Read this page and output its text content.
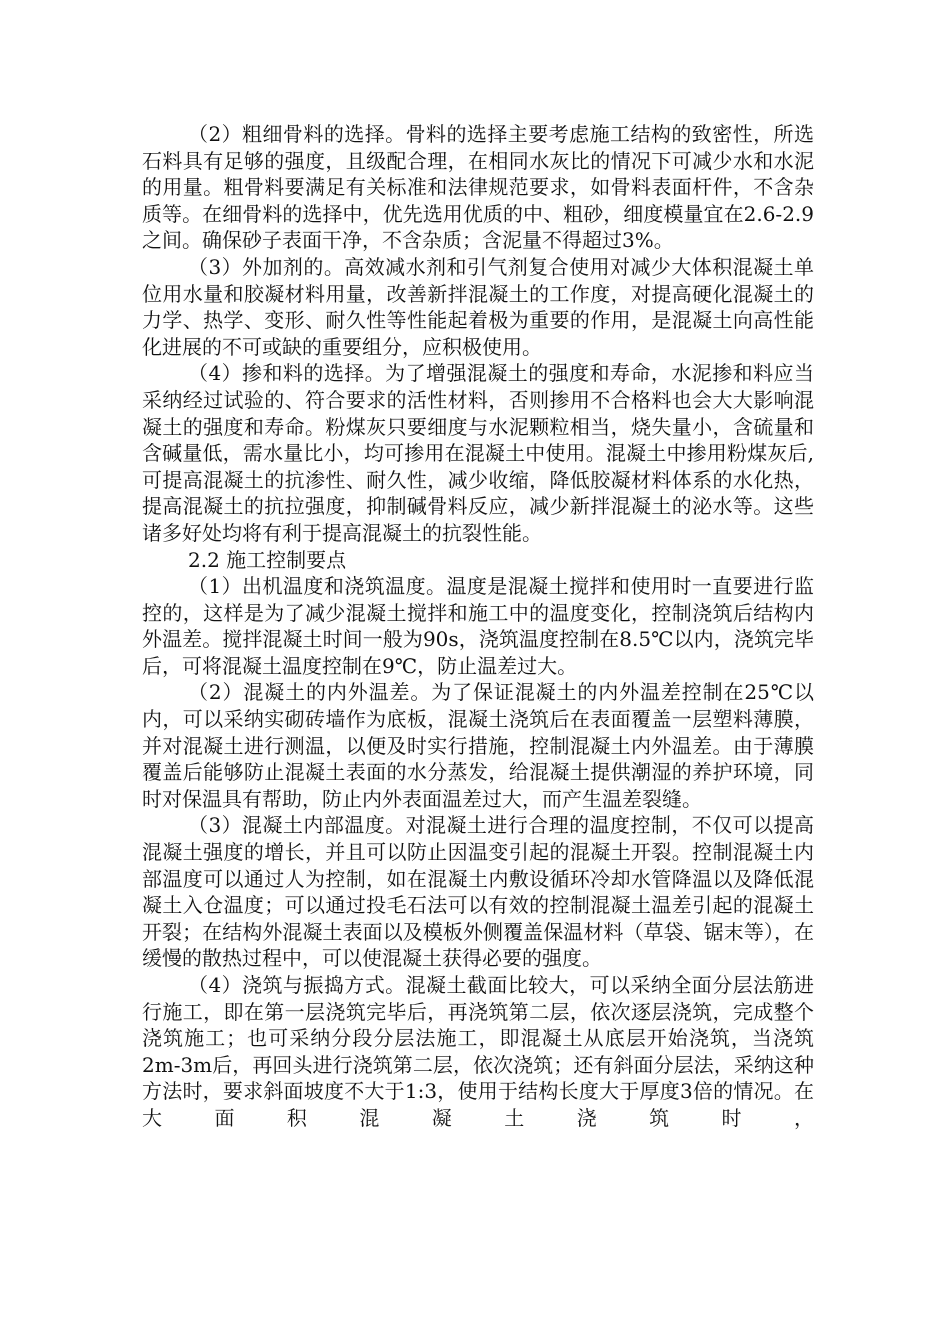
（2）粗细骨料的选择。骨料的选择主要考虑施工结构的致密性，所选石料具有足够的强度，且级配合理，在相同水灰比的情况下可减少水和水泥的用量。粗骨料要满足有关标准和法律规范要求，如骨料表面杆件，不含杂质等。在细骨料的选择中，优先选用优质的中、粗砂，细度模量宜在2.6-2.9之间。确保砂子表面干净，不含杂质；含泥量不得超过3%。

（3）外加剂的。高效减水剂和引气剂复合使用对减少大体积混凝土单位用水量和胶凝材料用量，改善新拌混凝土的工作度，对提高硬化混凝土的力学、热学、变形、耐久性等性能起着极为重要的作用，是混凝土向高性能化进展的不可或缺的重要组分，应积极使用。

（4）掺和料的选择。为了增强混凝土的强度和寿命，水泥掺和料应当采纳经过试验的、符合要求的活性材料，否则掺用不合格料也会大大影响混凝土的强度和寿命。粉煤灰只要细度与水泥颗粒相当，烧失量小，含硫量和含碱量低，需水量比小，均可掺用在混凝土中使用。混凝土中掺用粉煤灰后,可提高混凝土的抗渗性、耐久性，减少收缩，降低胶凝材料体系的水化热，提高混凝土的抗拉强度，抑制碱骨料反应，减少新拌混凝土的泌水等。这些诸多好处均将有利于提高混凝土的抗裂性能。

2.2 施工控制要点

（1）出机温度和浇筑温度。温度是混凝土搅拌和使用时一直要进行监控的，这样是为了减少混凝土搅拌和施工中的温度变化，控制浇筑后结构内外温差。搅拌混凝土时间一般为90s，浇筑温度控制在8.5℃以内，浇筑完毕后，可将混凝土温度控制在9℃，防止温差过大。

（2）混凝土的内外温差。为了保证混凝土的内外温差控制在25℃以内，可以采纳实砌砖墙作为底板，混凝土浇筑后在表面覆盖一层塑料薄膜，并对混凝土进行测温，以便及时实行措施，控制混凝土内外温差。由于薄膜覆盖后能够防止混凝土表面的水分蒸发，给混凝土提供潮湿的养护环境，同时对保温具有帮助，防止内外表面温差过大，而产生温差裂缝。

（3）混凝土内部温度。对混凝土进行合理的温度控制，不仅可以提高混凝土强度的增长，并且可以防止因温变引起的混凝土开裂。控制混凝土内部温度可以通过人为控制，如在混凝土内敷设循环冷却水管降温以及降低混凝土入仓温度；可以通过投毛石法可以有效的控制混凝土温差引起的混凝土开裂；在结构外混凝土表面以及模板外侧覆盖保温材料（草袋、锯末等），在缓慢的散热过程中，可以使混凝土获得必要的强度。

（4）浇筑与振捣方式。混凝土截面比较大，可以采纳全面分层法筋进行施工，即在第一层浇筑完毕后，再浇筑第二层，依次逐层浇筑，完成整个浇筑施工；也可采纳分段分层法施工，即混凝土从底层开始浇筑，当浇筑2m-3m后，再回头进行浇筑第二层，依次浇筑；还有斜面分层法，采纳这种方法时，要求斜面坡度不大于1:3，使用于结构长度大于厚度3倍的情况。在大面积混凝土浇筑时，
